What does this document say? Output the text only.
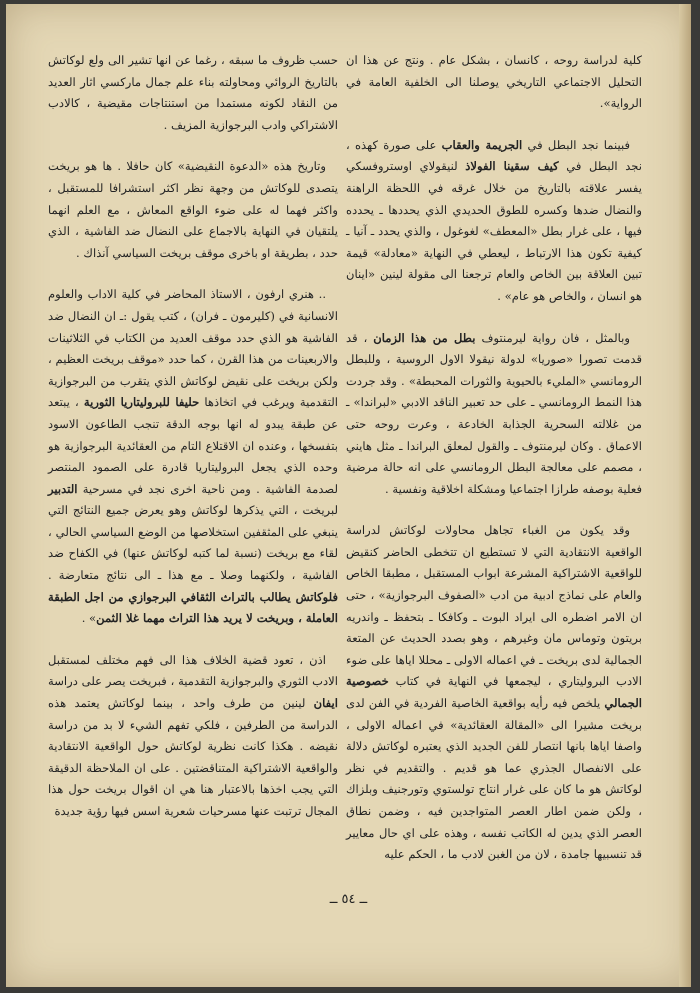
كلية لدراسة روحه ، كانسان ، بشكل عام . ونتج عن هذا ان التحليل الاجتماعي التاريخي يوصلنا الى الخلفية العامة في الرواية».

فبينما نجد البطل في الجريمة والعقاب على صورة كهذه ، نجد البطل في كيف سقينا الفولاذ لنيقولاي اوستروفسكي يفسر علاقته بالتاريخ من خلال غرقه في اللحظة الراهنة والنضال ضدها وكسره للطوق الحديدي الذي يحددها ـ يحدده فيها ، على غرار بطل «المعطف» لغوغول ، والذي يحدد ـ آنيا ـ كيفية تكون هذا الارتباط ، ليعطي في النهاية «معادلة» قيمة تبين العلاقة بين الخاص والعام ترجعنا الى مقولة لينين «اينان هو انسان ، والخاص هو عام» .

وبالمثل ، فان رواية ليرمنتوف بطل من هذا الزمان ، قد قدمت تصورا «صوريا» لدولة نيقولا الاول الروسية ، وللبطل الرومانسي «المليء بالحيوية والثورات المحبطة» . وقد جردت هذا النمط الرومانسي ـ على حد تعبير الناقد الادبي «لبراندا» ـ من غلالته السحرية الجذابة الخادعة ، وعرت روحه حتى الاعماق . وكان ليرمنتوف ـ والقول لمعلق البراندا ـ مثل هايني ، مصمم على معالجة البطل الرومانسي على انه حالة مرضية فعلية بوصفه طرازا اجتماعيا ومشكلة اخلاقية ونفسية .

وقد يكون من الغباء تجاهل محاولات لوكاتش لدراسة الواقعية الانتقادية التي لا تستطيع ان تتخطى الحاضر كنقيض للواقعية الاشتراكية المشرعة ابواب المستقبل ، مطبقا الخاص والعام على نماذج ادبية من ادب «الصفوف البرجوازية» ، حتى ان الامر اضطره الى ايراد البوت ـ وكافكا ـ بتحفظ ـ واندريه بريتون وتوماس مان وغيرهم ، وهو بصدد الحديث عن المتعة الجمالية لدى بريخت ـ في اعماله الاولى ـ محللا اياها على ضوء الادب البروليتاري ، ليجمعها في النهاية في كتاب خصوصية الجمالي يلخص فيه رأيه بواقعية الخاصية الفردية في الفن لدى بريخت مشيرا الى «المقالة العقائدية» في اعماله الاولى ، واصفا اياها بانها انتصار للفن الجديد الذي يعتبره لوكاتش دلالة على الانفصال الجذري عما هو قديم . والتقديم في نظر لوكاتش هو ما كان على غرار انتاج تولستوي وتورجنيف وبلزاك ، ولكن ضمن اطار العصر المتواجدين فيه ، وضمن نطاق العصر الذي يدين له الكاتب نفسه ، وهذه على اي حال معايير قد تنسبيها جامدة ، لان من الغبن لادب ما ، الحكم عليه

حسب ظروف ما سبقه ، رغما عن انها تشير الى ولع لوكاتش بالتاريخ الروائي ومحاولته بناء علم جمال ماركسي اثار العديد من النقاد لكونه مستمدا من استنتاجات مقيضية ، كالادب الاشتراكي وادب البرجوازية المزيف .

وتاريخ هذه «الدعوة النقيضية» كان حافلا . ها هو بريخت يتصدى للوكاتش من وجهة نظر اكثر استشرافا للمستقبل ، واكثر فهما له على ضوء الواقع المعاش ، مع العلم انهما يلتقيان في النهاية بالاجماع على النضال ضد الفاشية ، الذي حدد ، بطريقة او باخرى موقف بريخت السياسي آنذاك .

.. هنري ارفون ، الاستاذ المحاضر في كلية الاداب والعلوم الانسانية في (كليرمون ـ فران) ، كتب يقول :ـ ان النضال ضد الفاشية هو الذي حدد موقف العديد من الكتاب في الثلاثينات والاربعينات من هذا القرن ، كما حدد «موقف بريخت العظيم ، ولكن بريخت على نقيض لوكاتش الذي يتقرب من البرجوازية التقدمية ويرغب في اتخاذها حليفا للبروليتاريا الثورية ، يبتعد عن طبقة يبدو له انها بوجه الدقة تنجب الطاعون الاسود بتفسخها ، وعنده ان الاقتلاع التام من العقائدية البرجوازية هو وحده الذي يجعل البروليتاريا قادرة على الصمود المنتصر لصدمة الفاشية . ومن ناحية اخرى نجد في مسرحية التدبير لبريخت ، التي يذكرها لوكاتش وهو يعرض جميع النتائج التي ينبغي على المثقفين استخلاصها من الوضع السياسي الحالي ، لقاء مع بريخت (نسبة لما كتبه لوكاتش عنها) في الكفاح ضد الفاشية ، ولكنهما وصلا ـ مع هذا ـ الى نتائج متعارضة . فلوكاتش يطالب بالتراث الثقافي البرجوازي من اجل الطبقة العاملة ، وبريخت لا يريد هذا التراث مهما غلا الثمن» .

اذن ، تعود قضية الخلاف هذا الى فهم مختلف لمستقبل الادب الثوري والبرجوازية التقدمية ، فبريخت يصر على دراسة ايفان لينين من طرف واحد ، بينما لوكاتش يعتمد هذه الدراسة من الطرفين ، فلكي تفهم الشيء لا بد من دراسة نقيضه . هكذا كانت نظرية لوكاتش حول الواقعية الانتقادية والواقعية الاشتراكية المتناقضتين . على ان الملاحظة الدقيقة التي يجب اخذها بالاعتبار هنا هي ان اقوال بريخت حول هذا المجال ترتبت عنها مسرحيات شعرية اسس فيها رؤية جديدة

ــ ٥٤ ــ
